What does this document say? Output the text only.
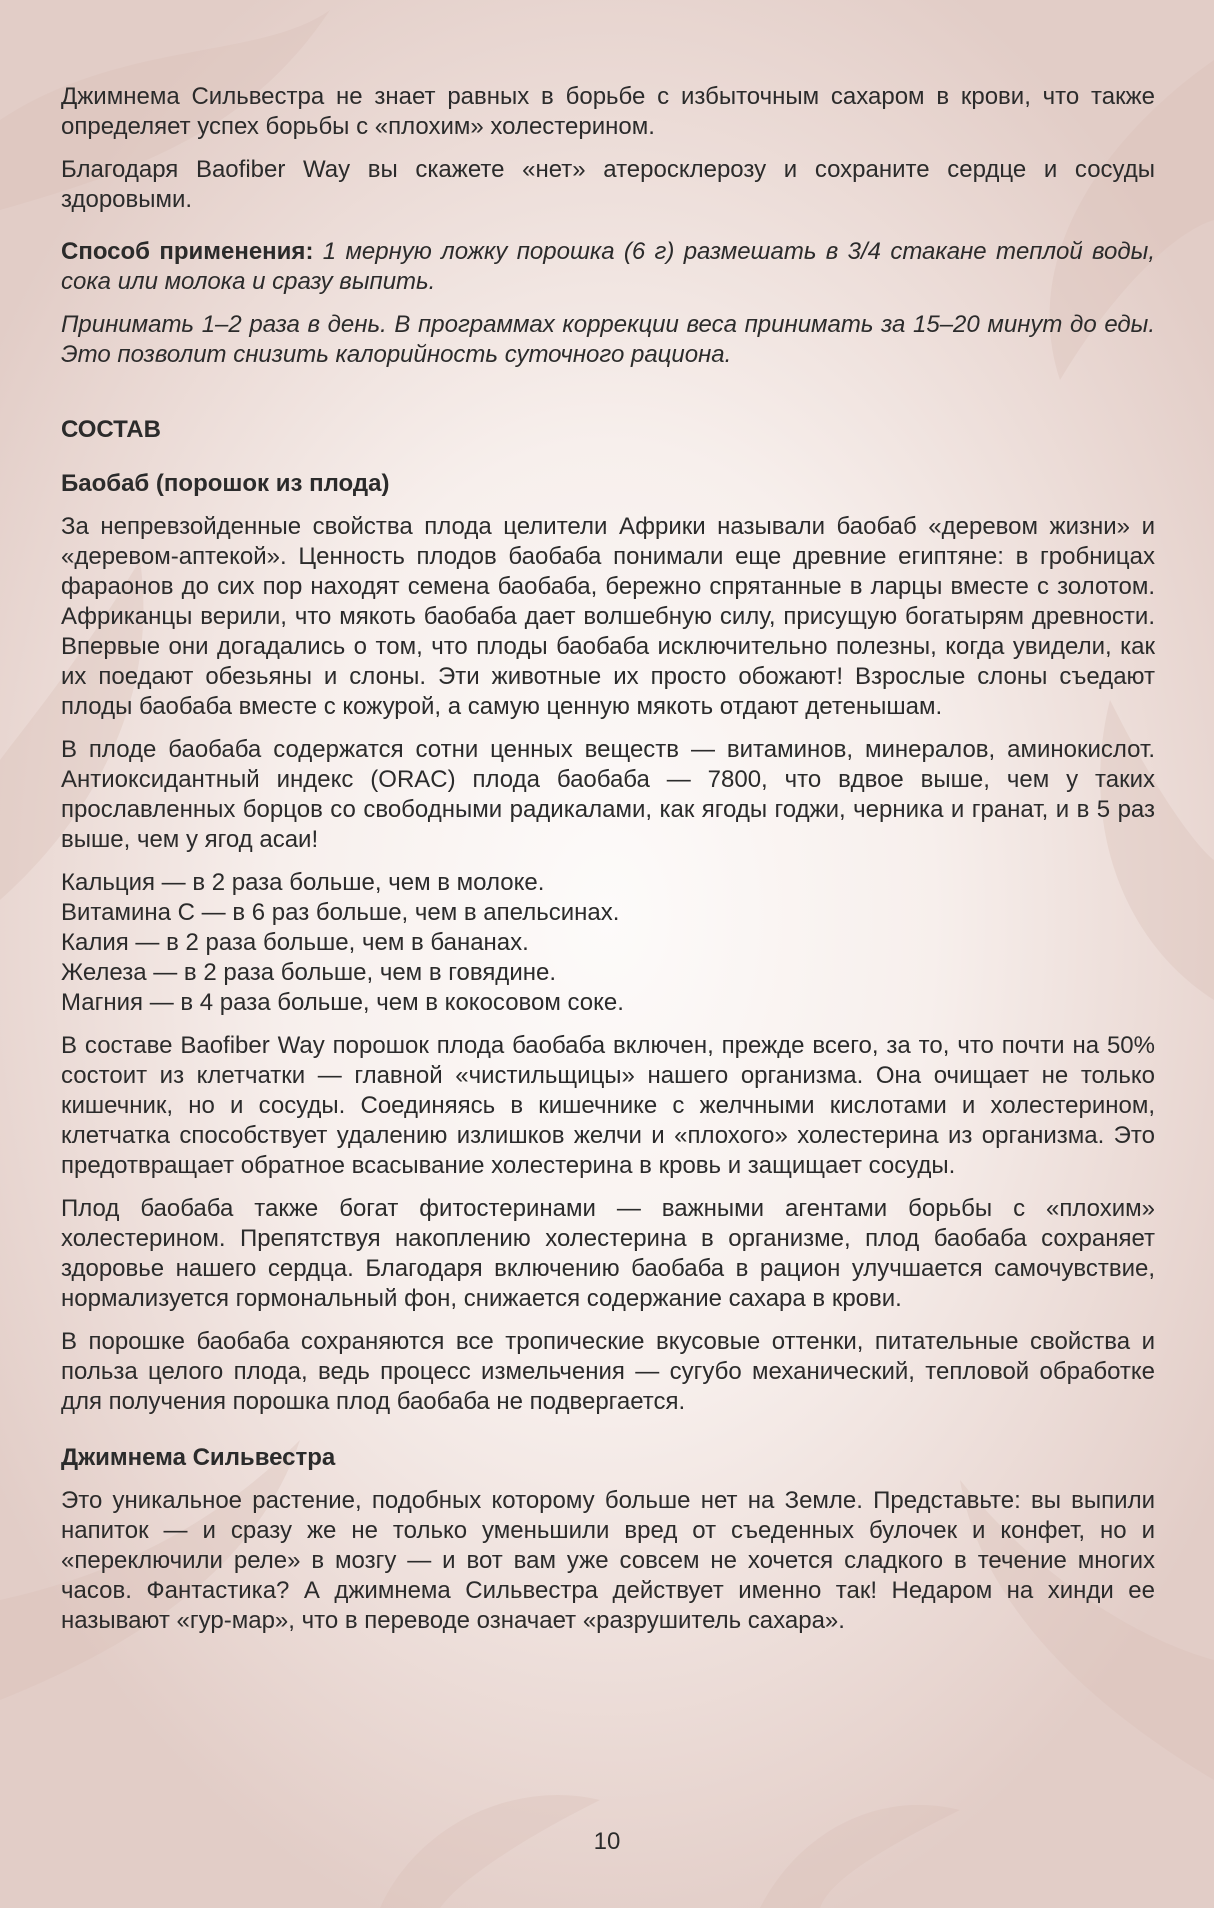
Джимнема Сильвестра не знает равных в борьбе с избыточным сахаром в крови, что также определяет успех борьбы с «плохим» холестерином.

Благодаря Baofiber Way вы скажете «нет» атеросклерозу и сохраните сердце и сосуды здоровыми.

Способ применения: 1 мерную ложку порошка (6 г) размешать в 3/4 стакане теплой воды, сока или молока и сразу выпить.

Принимать 1–2 раза в день. В программах коррекции веса принимать за 15–20 минут до еды. Это позволит снизить калорийность суточного рациона.

СОСТАВ
Баобаб (порошок из плода)

За непревзойденные свойства плода целители Африки называли баобаб «деревом жизни» и «деревом-аптекой». Ценность плодов баобаба понимали еще древние египтяне: в гробницах фараонов до сих пор находят семена баобаба, бережно спрятанные в ларцы вместе с золотом. Африканцы верили, что мякоть баобаба дает волшебную силу, присущую богатырям древности. Впервые они догадались о том, что плоды баобаба исключительно полезны, когда увидели, как их поедают обезьяны и слоны. Эти животные их просто обожают! Взрослые слоны съедают плоды баобаба вместе с кожурой, а самую ценную мякоть отдают детенышам.

В плоде баобаба содержатся сотни ценных веществ — витаминов, минералов, аминокислот. Антиоксидантный индекс (ORAC) плода баобаба — 7800, что вдвое выше, чем у таких прославленных борцов со свободными радикалами, как ягоды годжи, черника и гранат, и в 5 раз выше, чем у ягод асаи!

Кальция — в 2 раза больше, чем в молоке.
Витамина С — в 6 раз больше, чем в апельсинах.
Калия — в 2 раза больше, чем в бананах.
Железа — в 2 раза больше, чем в говядине.
Магния — в 4 раза больше, чем в кокосовом соке.

В составе Baofiber Way порошок плода баобаба включен, прежде всего, за то, что почти на 50% состоит из клетчатки — главной «чистильщицы» нашего организма. Она очищает не только кишечник, но и сосуды. Соединяясь в кишечнике с желчными кислотами и холестерином, клетчатка способствует удалению излишков желчи и «плохого» холестерина из организма. Это предотвращает обратное всасывание холестерина в кровь и защищает сосуды.

Плод баобаба также богат фитостеринами — важными агентами борьбы с «плохим» холестерином. Препятствуя накоплению холестерина в организме, плод баобаба сохраняет здоровье нашего сердца. Благодаря включению баобаба в рацион улучшается самочувствие, нормализуется гормональный фон, снижается содержание сахара в крови.

В порошке баобаба сохраняются все тропические вкусовые оттенки, питательные свойства и польза целого плода, ведь процесс измельчения — сугубо механический, тепловой обработке для получения порошка плод баобаба не подвергается.

Джимнема Сильвестра

Это уникальное растение, подобных которому больше нет на Земле. Представьте: вы выпили напиток — и сразу же не только уменьшили вред от съеденных булочек и конфет, но и «переключили реле» в мозгу — и вот вам уже совсем не хочется сладкого в течение многих часов. Фантастика? А джимнема Сильвестра действует именно так! Недаром на хинди ее называют «гур-мар», что в переводе означает «разрушитель сахара».

10
